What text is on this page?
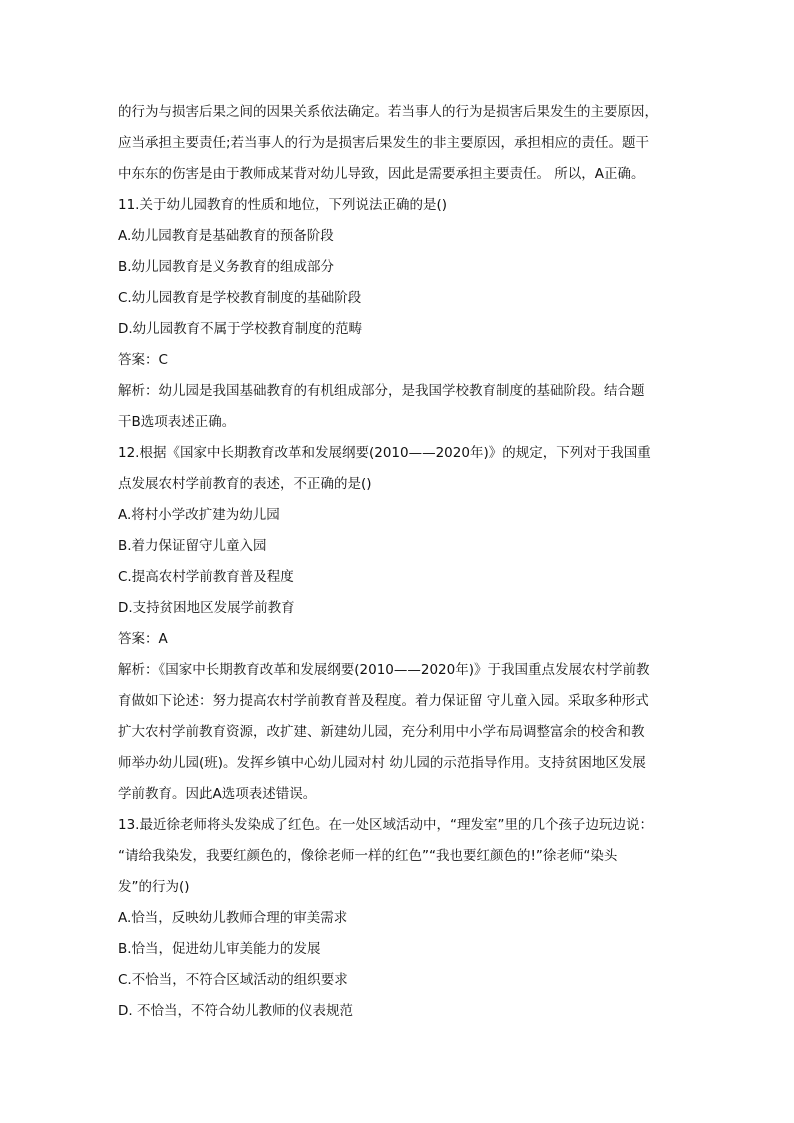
的行为与损害后果之间的因果关系依法确定。若当事人的行为是损害后果发生的主要原因，
应当承担主要责任;若当事人的行为是损害后果发生的非主要原因，承担相应的责任。题干
中东东的伤害是由于教师成某背对幼儿导致，因此是需要承担主要责任。 所以，A正确。
11.关于幼儿园教育的性质和地位，下列说法正确的是()
A.幼儿园教育是基础教育的预备阶段
B.幼儿园教育是义务教育的组成部分
C.幼儿园教育是学校教育制度的基础阶段
D.幼儿园教育不属于学校教育制度的范畴
答案：C
解析：幼儿园是我国基础教育的有机组成部分，是我国学校教育制度的基础阶段。结合题
干B选项表述正确。
12.根据《国家中长期教育改革和发展纲要(2010——2020年)》的规定，下列对于我国重
点发展农村学前教育的表述，不正确的是()
A.将村小学改扩建为幼儿园
B.着力保证留守儿童入园
C.提高农村学前教育普及程度
D.支持贫困地区发展学前教育
答案：A
解析：《国家中长期教育改革和发展纲要(2010——2020年)》于我国重点发展农村学前教
育做如下论述：努力提高农村学前教育普及程度。着力保证留 守儿童入园。采取多种形式
扩大农村学前教育资源，改扩建、新建幼儿园，充分利用中小学布局调整富余的校舍和教
师举办幼儿园(班)。发挥乡镇中心幼儿园对村 幼儿园的示范指导作用。支持贫困地区发展
学前教育。因此A选项表述错误。
13.最近徐老师将头发染成了红色。在一处区域活动中，“理发室”里的几个孩子边玩边说：
“请给我染发，我要红颜色的，像徐老师一样的红色”“我也要红颜色的!”徐老师“染头
发”的行为()
A.恰当，反映幼儿教师合理的审美需求
B.恰当，促进幼儿审美能力的发展
C.不恰当，不符合区域活动的组织要求
D. 不恰当，不符合幼儿教师的仪表规范
